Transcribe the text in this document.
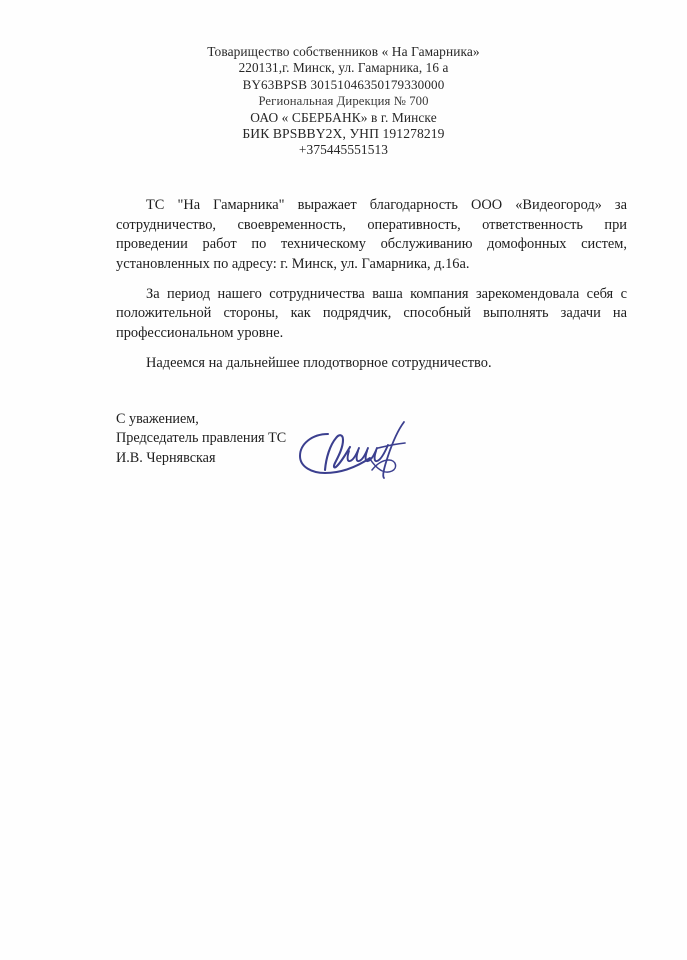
Товарищество собственников « На Гамарника»
220131,г. Минск, ул. Гамарника, 16 а
BY63BPSB 30151046350179330000
Региональная Дирекция № 700
ОАО « СБЕРБАНК» в г. Минске
БИК BPSBBY2X, УНП 191278219
+375445551513

ТС "На Гамарника" выражает благодарность ООО «Видеогород» за сотрудничество, своевременность, оперативность, ответственность при проведении работ по техническому обслуживанию домофонных систем, установленных по адресу: г. Минск, ул. Гамарника, д.16а.

За период нашего сотрудничества ваша компания зарекомендовала себя с положительной стороны, как подрядчик, способный выполнять задачи на профессиональном уровне.

Надеемся на дальнейшее плодотворное сотрудничество.

С уважением,
Председатель правления ТС
И.В. Чернявская
